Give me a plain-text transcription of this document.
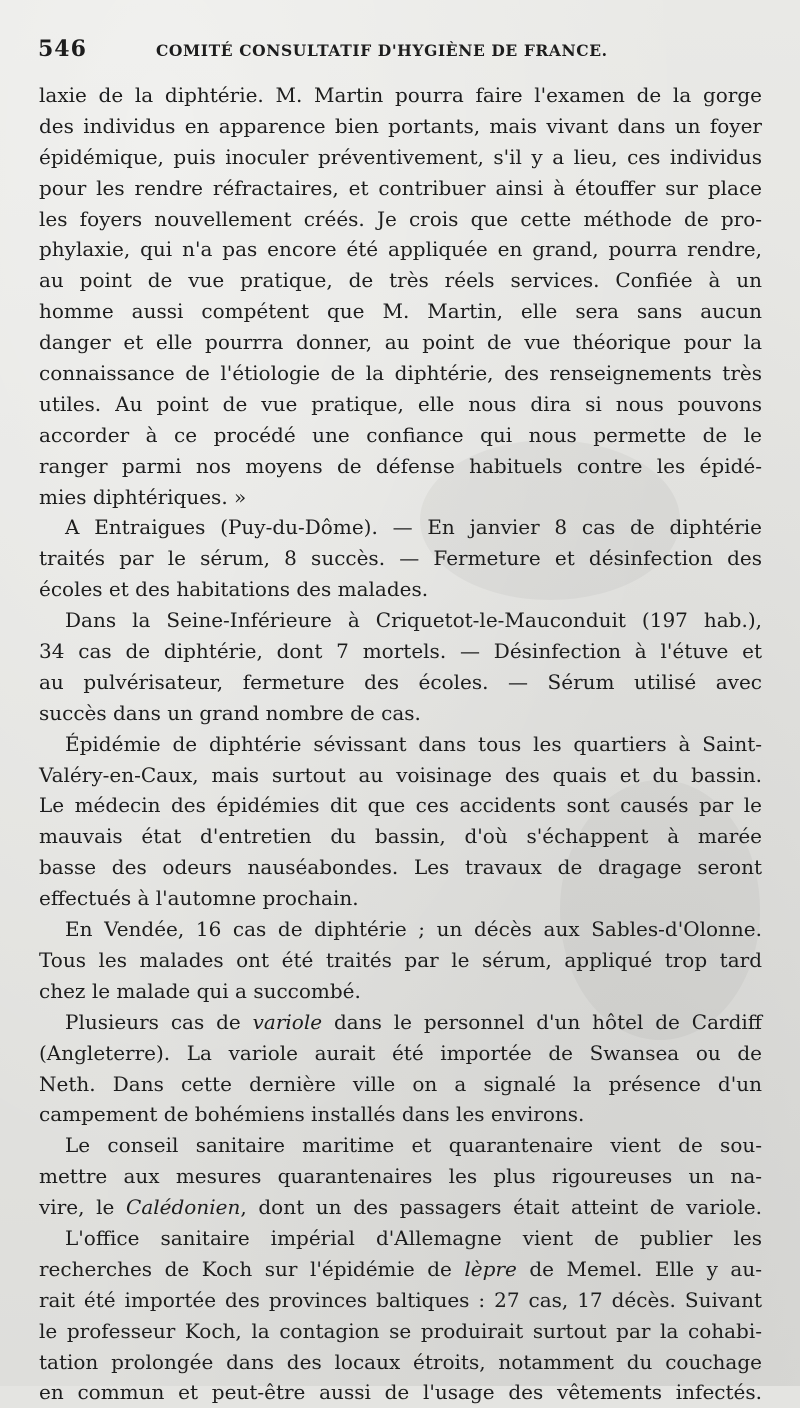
546	COMITÉ CONSULTATIF D'HYGIÈNE DE FRANCE.
laxie de la diphtérie. M. Martin pourra faire l'examen de la gorge
des individus en apparence bien portants, mais vivant dans un foyer
épidémique, puis inoculer préventivement, s'il y a lieu, ces individus
pour les rendre réfractaires, et contribuer ainsi à étouffer sur place
les foyers nouvellement créés. Je crois que cette méthode de pro-
phylaxie, qui n'a pas encore été appliquée en grand, pourra rendre,
au point de vue pratique, de très réels services. Confiée à un
homme aussi compétent que M. Martin, elle sera sans aucun
danger et elle pourrra donner, au point de vue théorique pour la
connaissance de l'étiologie de la diphtérie, des renseignements très
utiles. Au point de vue pratique, elle nous dira si nous pouvons
accorder à ce procédé une confiance qui nous permette de le
ranger parmi nos moyens de défense habituels contre les épidé-
mies diphtériques. »
A Entraigues (Puy-du-Dôme). — En janvier 8 cas de diphtérie
traités par le sérum, 8 succès. — Fermeture et désinfection des
écoles et des habitations des malades.
Dans la Seine-Inférieure à Criquetot-le-Mauconduit (197 hab.),
34 cas de diphtérie, dont 7 mortels. — Désinfection à l'étuve et
au pulvérisateur, fermeture des écoles. — Sérum utilisé avec
succès dans un grand nombre de cas.
Épidémie de diphtérie sévissant dans tous les quartiers à Saint-
Valéry-en-Caux, mais surtout au voisinage des quais et du bassin.
Le médecin des épidémies dit que ces accidents sont causés par le
mauvais état d'entretien du bassin, d'où s'échappent à marée
basse des odeurs nauséabondes. Les travaux de dragage seront
effectués à l'automne prochain.
En Vendée, 16 cas de diphtérie ; un décès aux Sables-d'Olonne.
Tous les malades ont été traités par le sérum, appliqué trop tard
chez le malade qui a succombé.
Plusieurs cas de variole dans le personnel d'un hôtel de Cardiff
(Angleterre). La variole aurait été importée de Swansea ou de
Neth. Dans cette dernière ville on a signalé la présence d'un
campement de bohémiens installés dans les environs.
Le conseil sanitaire maritime et quarantenaire vient de sou-
mettre aux mesures quarantenaires les plus rigoureuses un na-
vire, le Calédonien, dont un des passagers était atteint de variole.
L'office sanitaire impérial d'Allemagne vient de publier les
recherches de Koch sur l'épidémie de lèpre de Memel. Elle y au-
rait été importée des provinces baltiques : 27 cas, 17 décès. Suivant
le professeur Koch, la contagion se produirait surtout par la cohabi-
tation prolongée dans des locaux étroits, notamment du couchage
en commun et peut-être aussi de l'usage des vêtements infectés.
